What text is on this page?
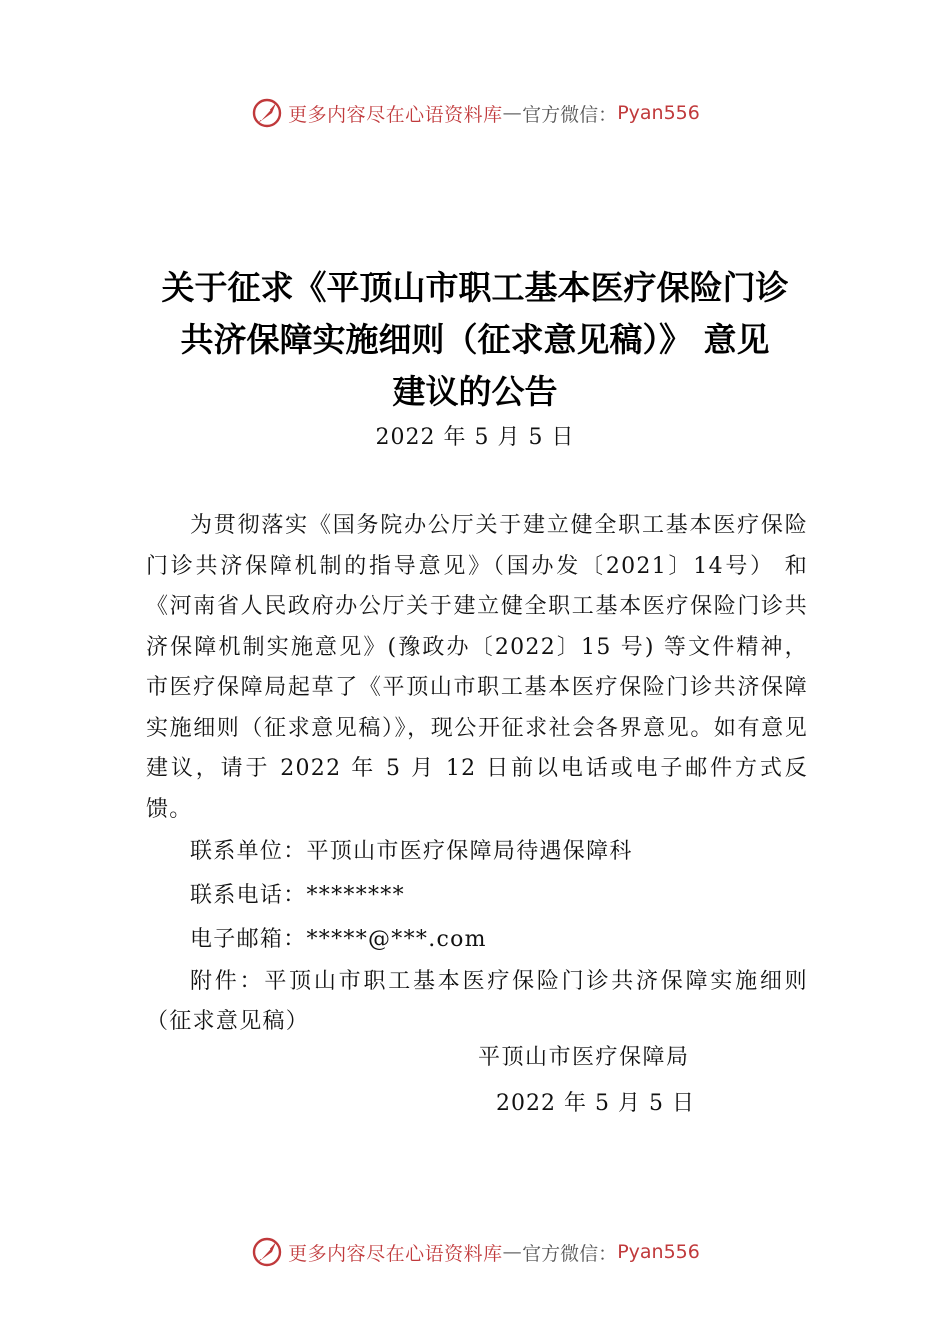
更多内容尽在心语资料库 — 官方微信： Pyan556
关于征求《平顶山市职工基本医疗保险门诊
共济保障实施细则（征求意见稿）》 意见
建议的公告
2022 年 5 月 5 日

为贯彻落实《国务院办公厅关于建立健全职工基本医疗保险门诊共济保障机制的指导意见》（国办发〔2021〕14号） 和《河南省人民政府办公厅关于建立健全职工基本医疗保险门诊共济保障机制实施意见》(豫政办〔2022〕15 号) 等文件精神，市医疗保障局起草了《平顶山市职工基本医疗保险门诊共济保障实施细则（征求意见稿）》，现公开征求社会各界意见。如有意见建议，请于 2022 年 5 月 12 日前以电话或电子邮件方式反馈。

联系单位：平顶山市医疗保障局待遇保障科

联系电话：********

电子邮箱：*****@***.com

附件：平顶山市职工基本医疗保险门诊共济保障实施细则（征求意见稿）

平顶山市医疗保障局
2022 年 5 月 5 日
更多内容尽在心语资料库 — 官方微信： Pyan556
